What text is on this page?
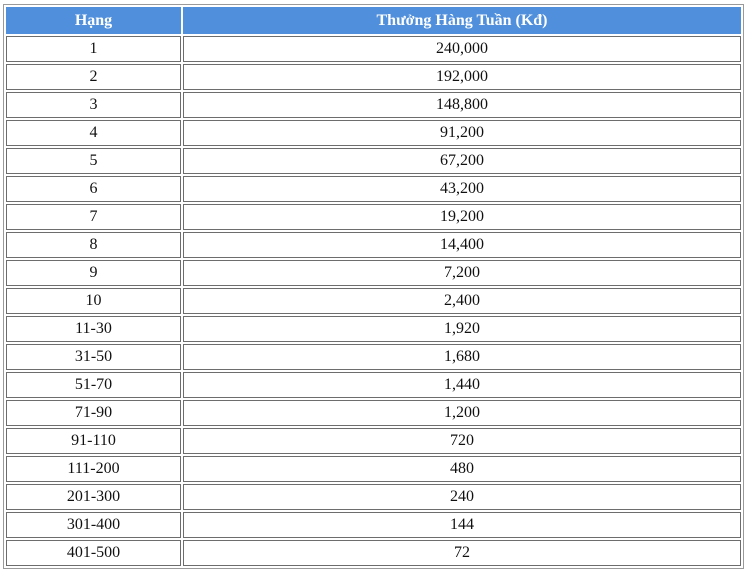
Hạng	Thưởng Hàng Tuần (Kđ)
1	240,000
2	192,000
3	148,800
4	91,200
5	67,200
6	43,200
7	19,200
8	14,400
9	7,200
10	2,400
11-30	1,920
31-50	1,680
51-70	1,440
71-90	1,200
91-110	720
111-200	480
201-300	240
301-400	144
401-500	72
